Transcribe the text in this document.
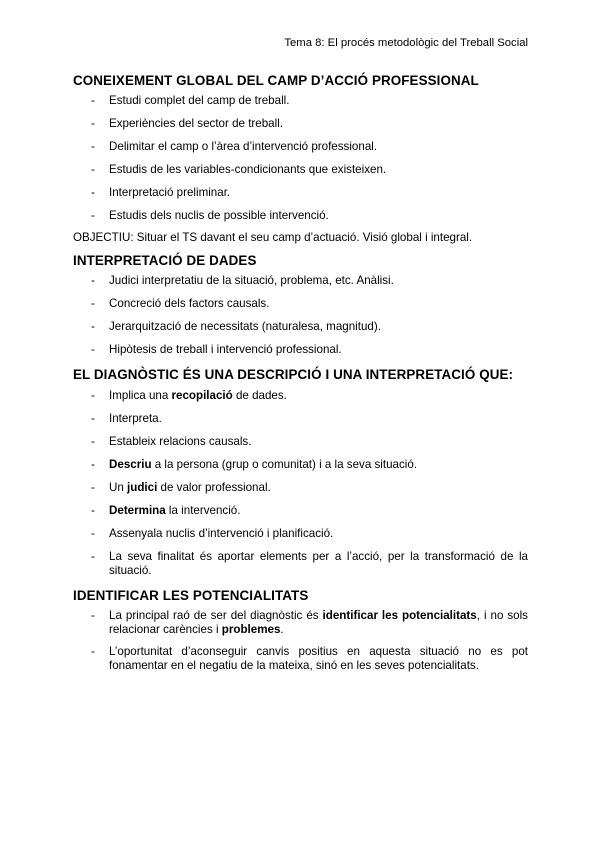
Tema 8: El procés metodològic del Treball Social
CONEIXEMENT GLOBAL DEL CAMP D’ACCIÓ PROFESSIONAL
- Estudi complet del camp de treball.
- Experiències del sector de treball.
- Delimitar el camp o l’àrea d’intervenció professional.
- Estudis de les variables-condicionants que existeixen.
- Interpretació preliminar.
- Estudis dels nuclis de possible intervenció.
OBJECTIU: Situar el TS davant el seu camp d’actuació. Visió global i integral.
INTERPRETACIÓ DE DADES
- Judici interpretatiu de la situació, problema, etc. Anàlisi.
- Concreció dels factors causals.
- Jerarquització de necessitats (naturalesa, magnitud).
- Hipòtesis de treball i intervenció professional.
EL DIAGNÒSTIC ÉS UNA DESCRIPCIÓ I UNA INTERPRETACIÓ QUE:
- Implica una recopilació de dades.
- Interpreta.
- Estableix relacions causals.
- Descriu a la persona (grup o comunitat) i a la seva situació.
- Un judici de valor professional.
- Determina la intervenció.
- Assenyala nuclis d’intervenció i planificació.
- La seva finalitat és aportar elements per a l’acció, per la transformació de la situació.
IDENTIFICAR LES POTENCIALITATS
- La principal raó de ser del diagnòstic és identificar les potencialitats, i no sols relacionar carències i problemes.
- L’oportunitat d’aconseguir canvis positius en aquesta situació no es pot fonamentar en el negatiu de la mateixa, sinó en les seves potencialitats.
